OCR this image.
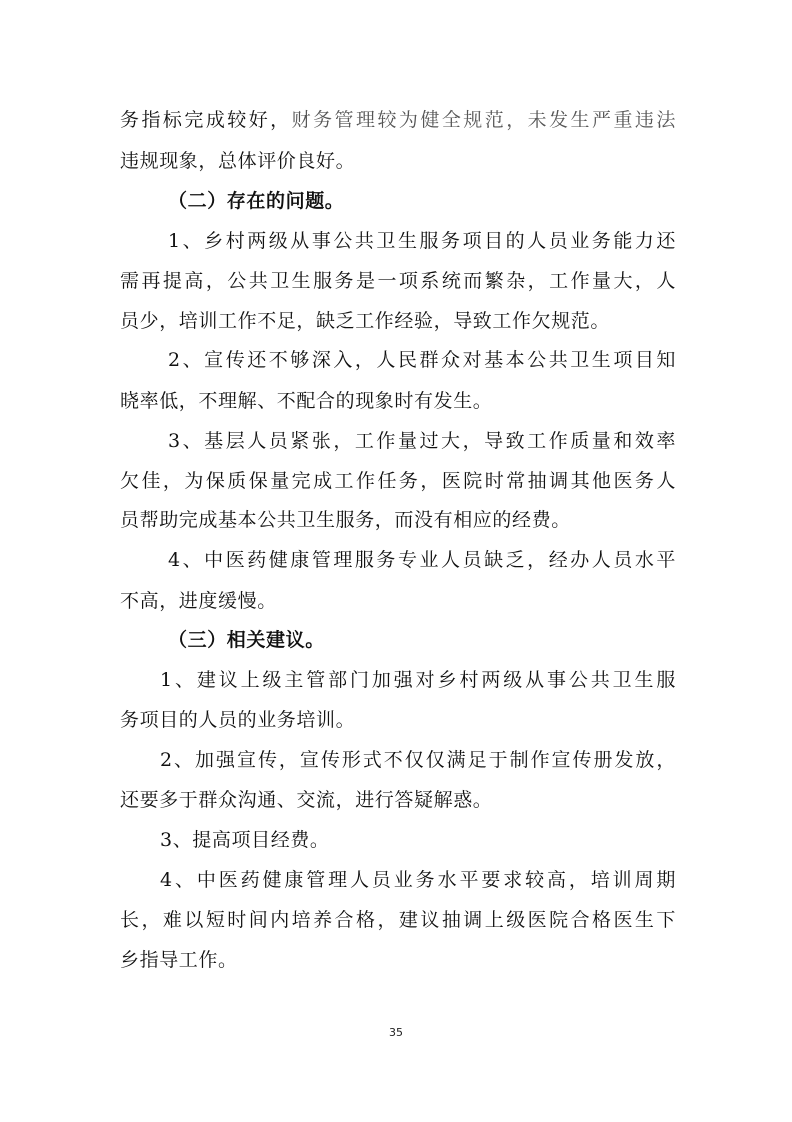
务指标完成较好，财务管理较为健全规范，未发生严重违法
违规现象，总体评价良好。
（二）存在的问题。
1、乡村两级从事公共卫生服务项目的人员业务能力还
需再提高，公共卫生服务是一项系统而繁杂，工作量大，人
员少，培训工作不足，缺乏工作经验，导致工作欠规范。
2、宣传还不够深入，人民群众对基本公共卫生项目知
晓率低，不理解、不配合的现象时有发生。
3、基层人员紧张，工作量过大，导致工作质量和效率
欠佳，为保质保量完成工作任务，医院时常抽调其他医务人
员帮助完成基本公共卫生服务，而没有相应的经费。
4、中医药健康管理服务专业人员缺乏，经办人员水平
不高，进度缓慢。
（三）相关建议。
1、建议上级主管部门加强对乡村两级从事公共卫生服
务项目的人员的业务培训。
2、加强宣传，宣传形式不仅仅满足于制作宣传册发放，
还要多于群众沟通、交流，进行答疑解惑。
3、提高项目经费。
4、中医药健康管理人员业务水平要求较高，培训周期
长，难以短时间内培养合格，建议抽调上级医院合格医生下
乡指导工作。
35
